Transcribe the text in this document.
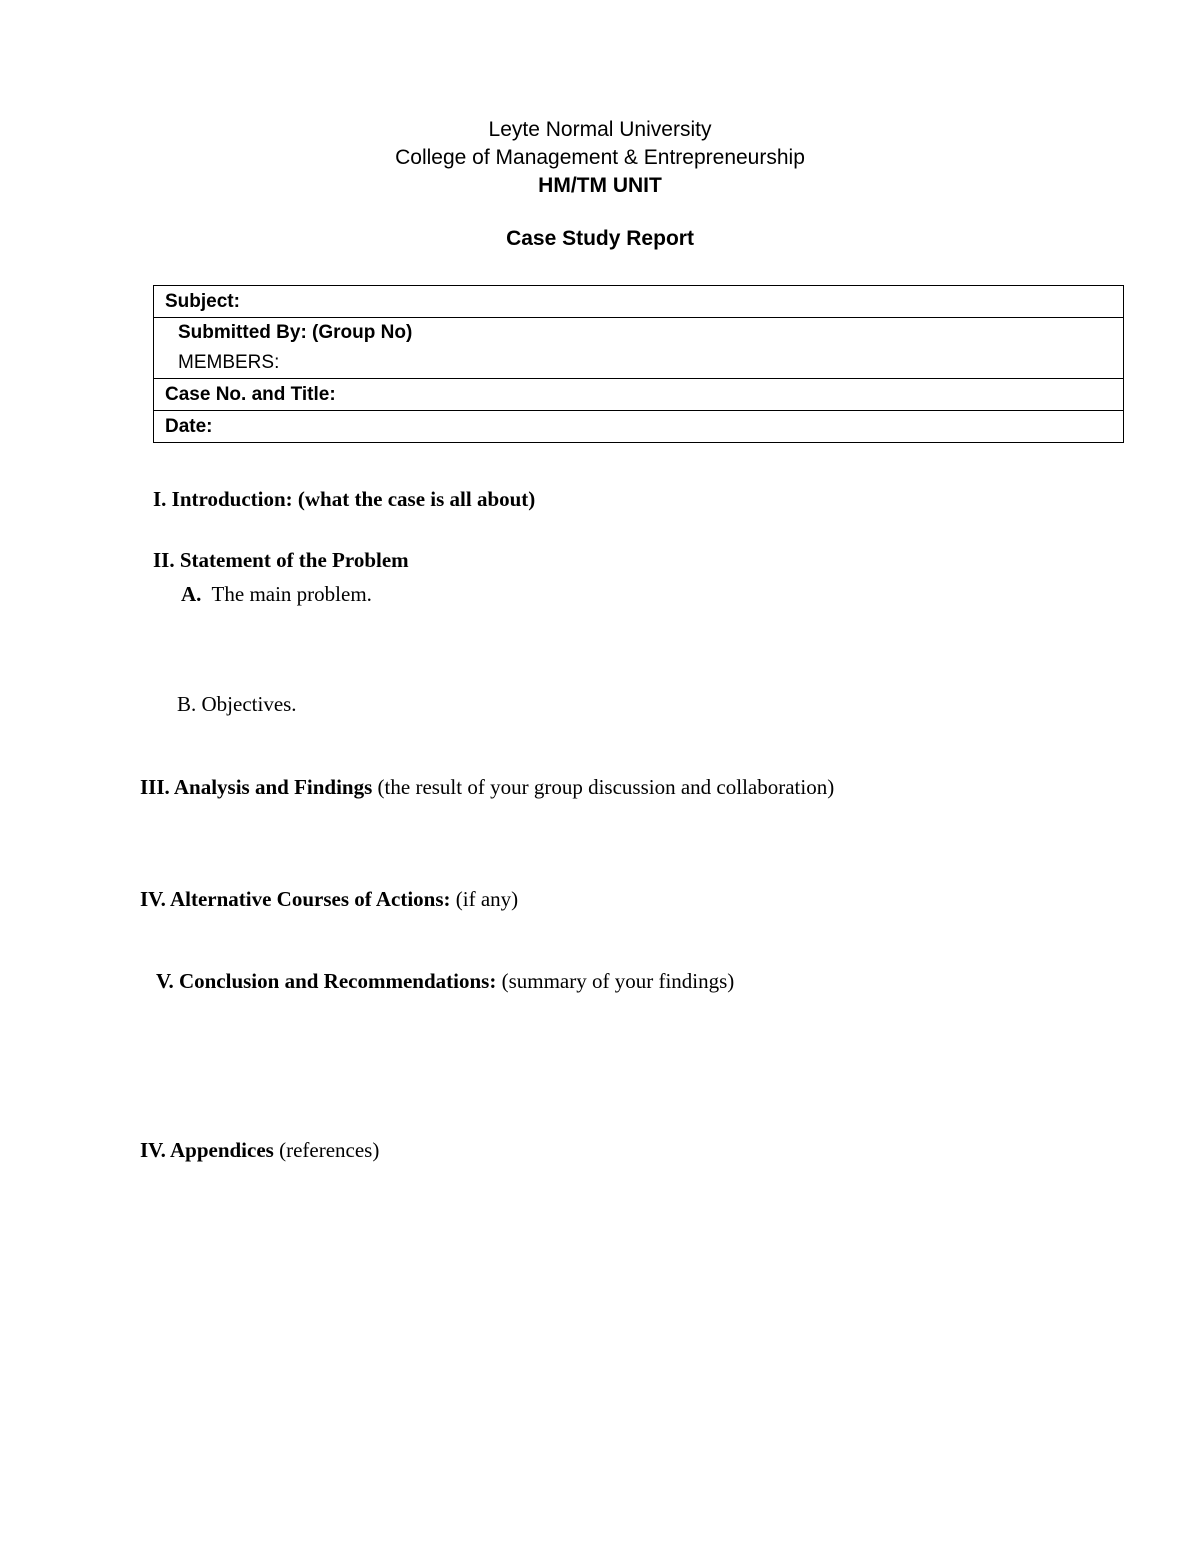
Leyte Normal University
College of Management & Entrepreneurship
HM/TM UNIT
Case Study Report
Subject:

Submitted By: (Group No)
MEMBERS:

Case No. and Title:
Date:
I. Introduction: (what the case is all about)
II. Statement of the Problem
A. The main problem.
B. Objectives.
III. Analysis and Findings (the result of your group discussion and collaboration)
IV. Alternative Courses of Actions: (if any)
V. Conclusion and Recommendations: (summary of your findings)
IV. Appendices (references)
